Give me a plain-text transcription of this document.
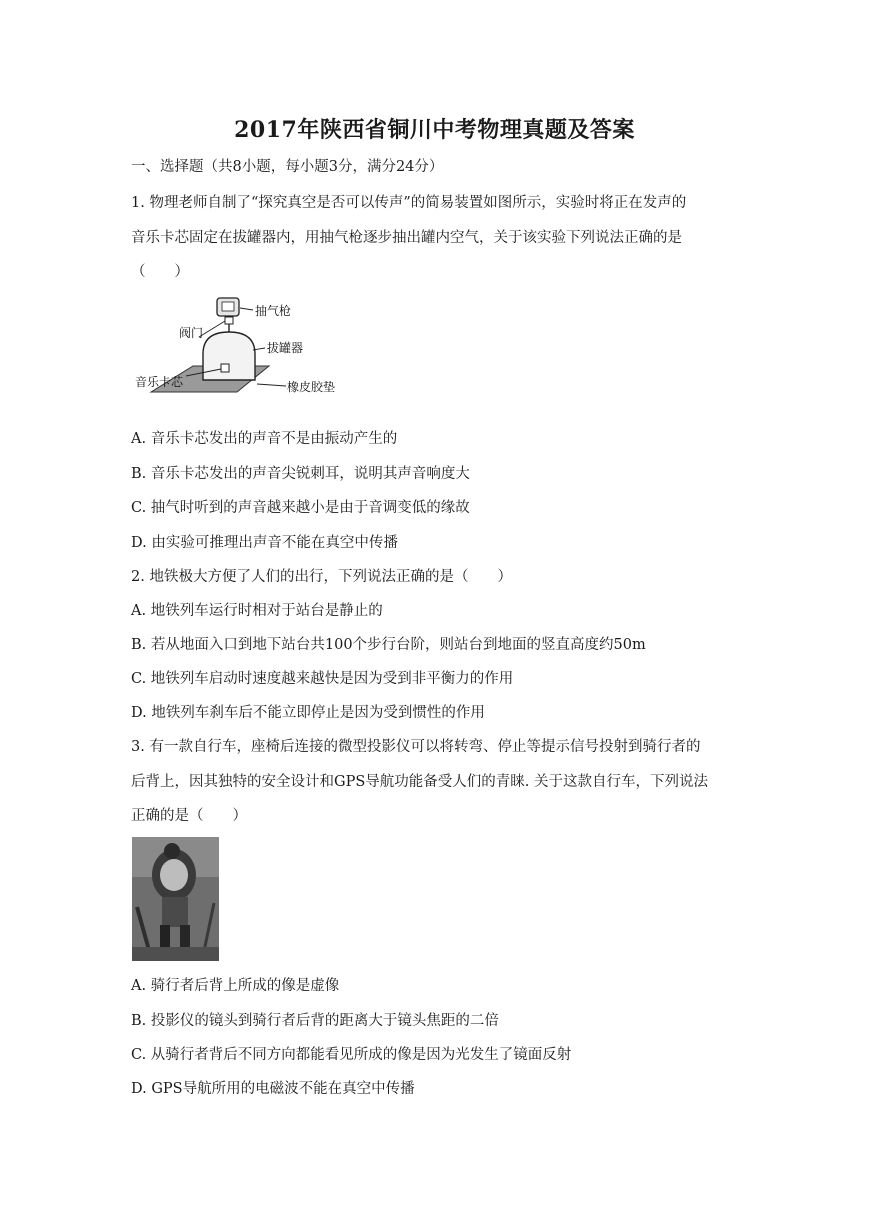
2017年陕西省铜川中考物理真题及答案
一、选择题（共8小题，每小题3分，满分24分）
1. 物理老师自制了“探究真空是否可以传声”的简易装置如图所示，实验时将正在发声的
音乐卡芯固定在拔罐器内，用抽气枪逐步抽出罐内空气，关于该实验下列说法正确的是
（　　）
抽气枪
阀门
拔罐器
音乐卡芯	橡皮胶垫
A. 音乐卡芯发出的声音不是由振动产生的
B. 音乐卡芯发出的声音尖锐刺耳，说明其声音响度大
C. 抽气时听到的声音越来越小是由于音调变低的缘故
D. 由实验可推理出声音不能在真空中传播
2. 地铁极大方便了人们的出行，下列说法正确的是（　　）
A. 地铁列车运行时相对于站台是静止的
B. 若从地面入口到地下站台共100个步行台阶，则站台到地面的竖直高度约50m
C. 地铁列车启动时速度越来越快是因为受到非平衡力的作用
D. 地铁列车刹车后不能立即停止是因为受到惯性的作用
3. 有一款自行车，座椅后连接的微型投影仪可以将转弯、停止等提示信号投射到骑行者的
后背上，因其独特的安全设计和GPS导航功能备受人们的青睐. 关于这款自行车，下列说法
正确的是（　　）
A. 骑行者后背上所成的像是虚像
B. 投影仪的镜头到骑行者后背的距离大于镜头焦距的二倍
C. 从骑行者背后不同方向都能看见所成的像是因为光发生了镜面反射
D. GPS导航所用的电磁波不能在真空中传播
